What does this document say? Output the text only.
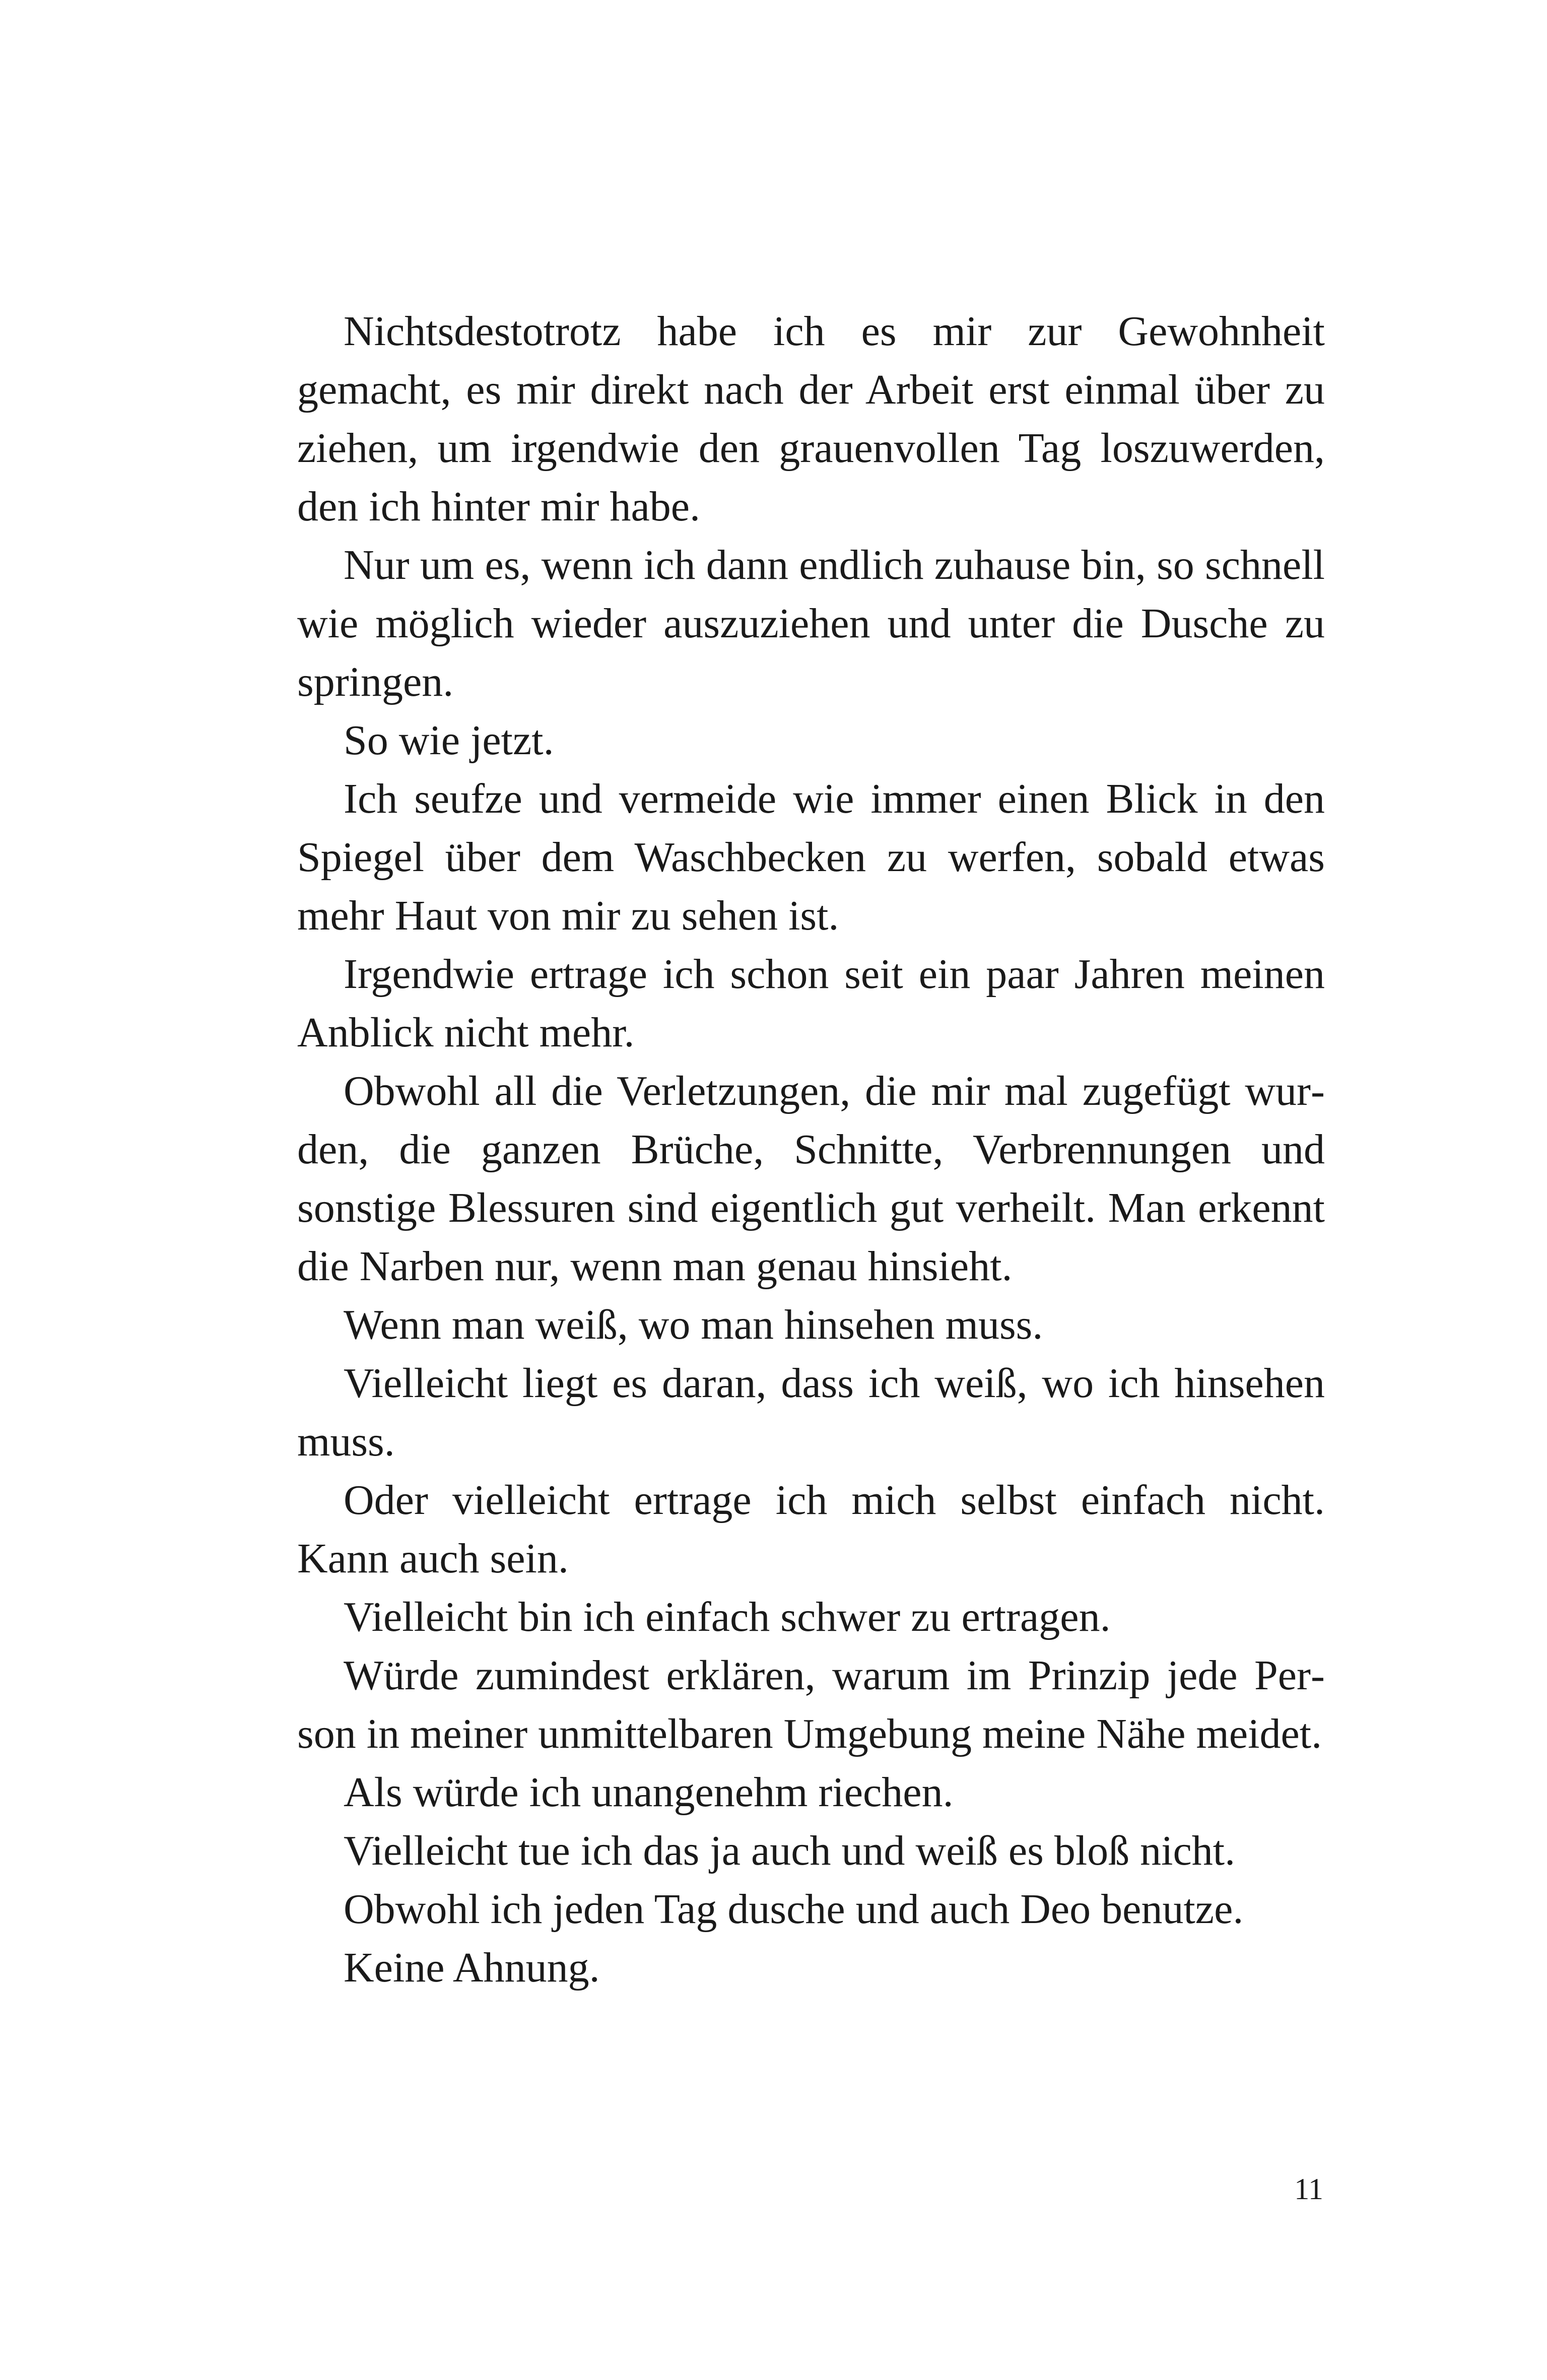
Nichtsdestotrotz habe ich es mir zur Gewohnheit gemacht, es mir direkt nach der Arbeit erst einmal über zu ziehen, um irgendwie den grauenvollen Tag loszuwerden, den ich hinter mir habe.

Nur um es, wenn ich dann endlich zuhause bin, so schnell wie möglich wieder auszuziehen und unter die Dusche zu springen.

So wie jetzt.

Ich seufze und vermeide wie immer einen Blick in den Spiegel über dem Waschbecken zu werfen, sobald etwas mehr Haut von mir zu sehen ist.

Irgendwie ertrage ich schon seit ein paar Jahren meinen Anblick nicht mehr.

Obwohl all die Verletzungen, die mir mal zugefügt wurden, die ganzen Brüche, Schnitte, Verbrennungen und sonstige Blessuren sind eigentlich gut verheilt. Man erkennt die Narben nur, wenn man genau hinsieht.

Wenn man weiß, wo man hinsehen muss.

Vielleicht liegt es daran, dass ich weiß, wo ich hinsehen muss.

Oder vielleicht ertrage ich mich selbst einfach nicht. Kann auch sein.

Vielleicht bin ich einfach schwer zu ertragen.

Würde zumindest erklären, warum im Prinzip jede Person in meiner unmittelbaren Umgebung meine Nähe meidet.

Als würde ich unangenehm riechen.

Vielleicht tue ich das ja auch und weiß es bloß nicht.

Obwohl ich jeden Tag dusche und auch Deo benutze.

Keine Ahnung.

11
